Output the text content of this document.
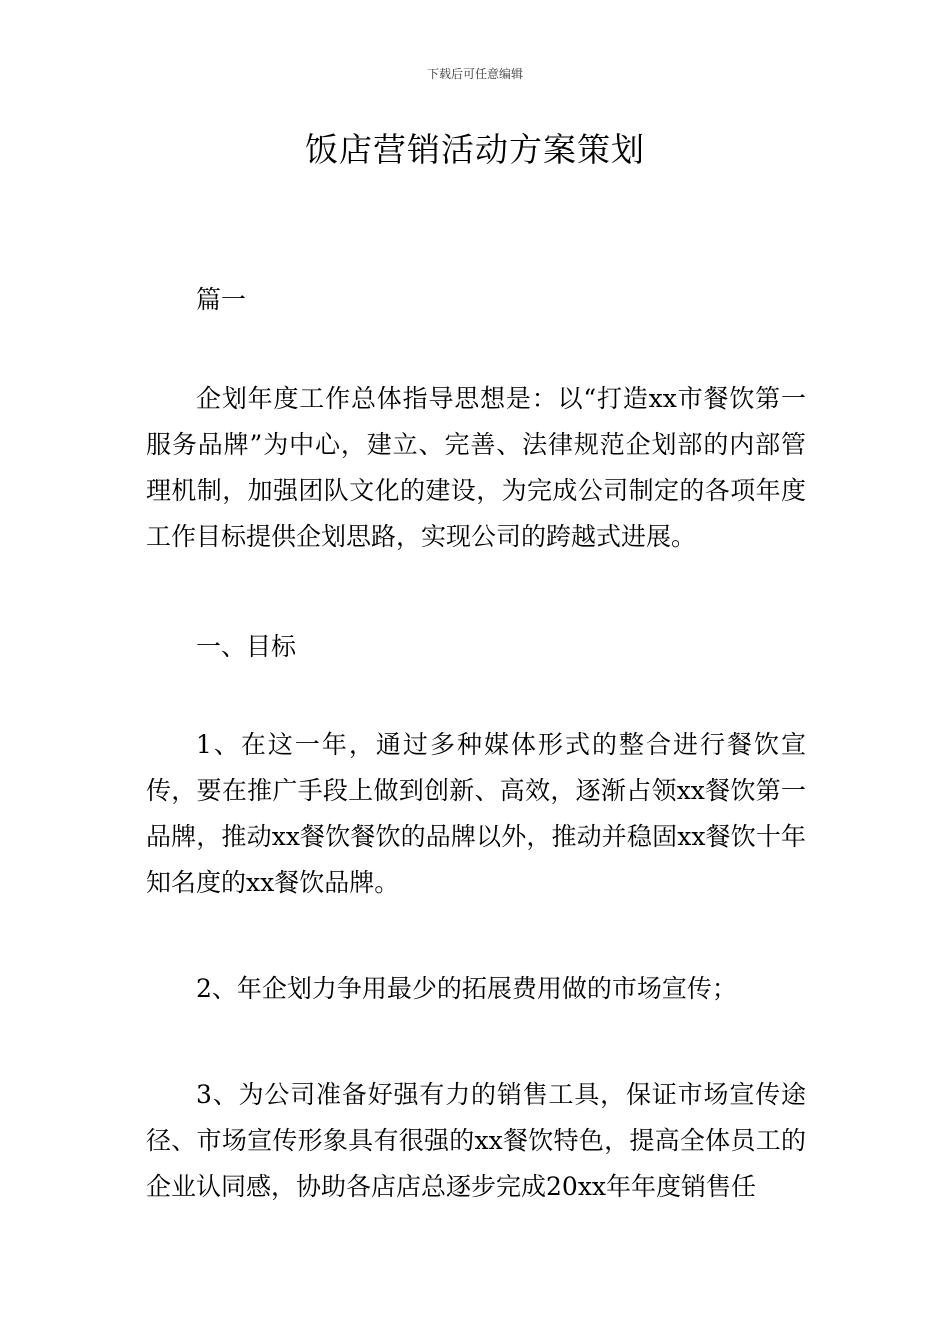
下载后可任意编辑
饭店营销活动方案策划

篇一

企划年度工作总体指导思想是：以“打造xx市餐饮第一服务品牌”为中心，建立、完善、法律规范企划部的内部管理机制，加强团队文化的建设，为完成公司制定的各项年度工作目标提供企划思路，实现公司的跨越式进展。

一、目标

1、在这一年，通过多种媒体形式的整合进行餐饮宣传，要在推广手段上做到创新、高效，逐渐占领xx餐饮第一品牌，推动xx餐饮餐饮的品牌以外，推动并稳固xx餐饮十年知名度的xx餐饮品牌。

2、年企划力争用最少的拓展费用做的市场宣传；

3、为公司准备好强有力的销售工具，保证市场宣传途径、市场宣传形象具有很强的xx餐饮特色，提高全体员工的企业认同感，协助各店店总逐步完成20xx年年度销售任
